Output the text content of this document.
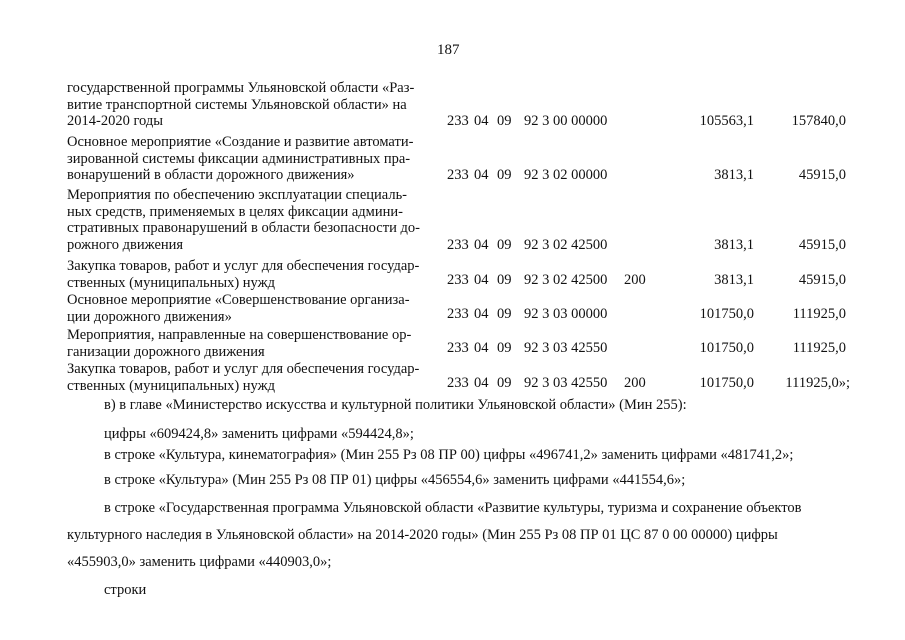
187
государственной программы Ульяновской области «Раз-
витие транспортной системы Ульяновской области» на
2014-2020 годы	233 04 09 92 3 00 00000	105563,1	157840,0
Основное мероприятие «Создание и развитие автомати-
зированной системы фиксации административных пра-
вонарушений в области дорожного движения»	233 04 09 92 3 02 00000	3813,1	45915,0
Мероприятия по обеспечению эксплуатации специаль-
ных средств, применяемых в целях фиксации админи-
стративных правонарушений в области безопасности до-
рожного движения	233 04 09 92 3 02 42500	3813,1	45915,0
Закупка товаров, работ и услуг для обеспечения государ-
ственных (муниципальных) нужд	233 04 09 92 3 02 42500 200	3813,1	45915,0
Основное мероприятие «Совершенствование организа-
ции дорожного движения»	233 04 09 92 3 03 00000	101750,0	111925,0
Мероприятия, направленные на совершенствование ор-
ганизации дорожного движения	233 04 09 92 3 03 42550	101750,0	111925,0
Закупка товаров, работ и услуг для обеспечения государ-
ственных (муниципальных) нужд	233 04 09 92 3 03 42550 200	101750,0	111925,0»;
в) в главе «Министерство искусства и культурной политики Ульяновской области» (Мин 255):
цифры «609424,8» заменить цифрами «594424,8»;
в строке «Культура, кинематография» (Мин 255 Рз 08 ПР 00) цифры «496741,2» заменить цифрами «481741,2»;
в строке «Культура» (Мин 255 Рз 08 ПР 01) цифры «456554,6» заменить цифрами «441554,6»;
в строке «Государственная программа Ульяновской области «Развитие культуры, туризма и сохранение объектов
культурного наследия в Ульяновской области» на 2014-2020 годы» (Мин 255 Рз 08 ПР 01 ЦС 87 0 00 00000) цифры
«455903,0» заменить цифрами «440903,0»;
строки
